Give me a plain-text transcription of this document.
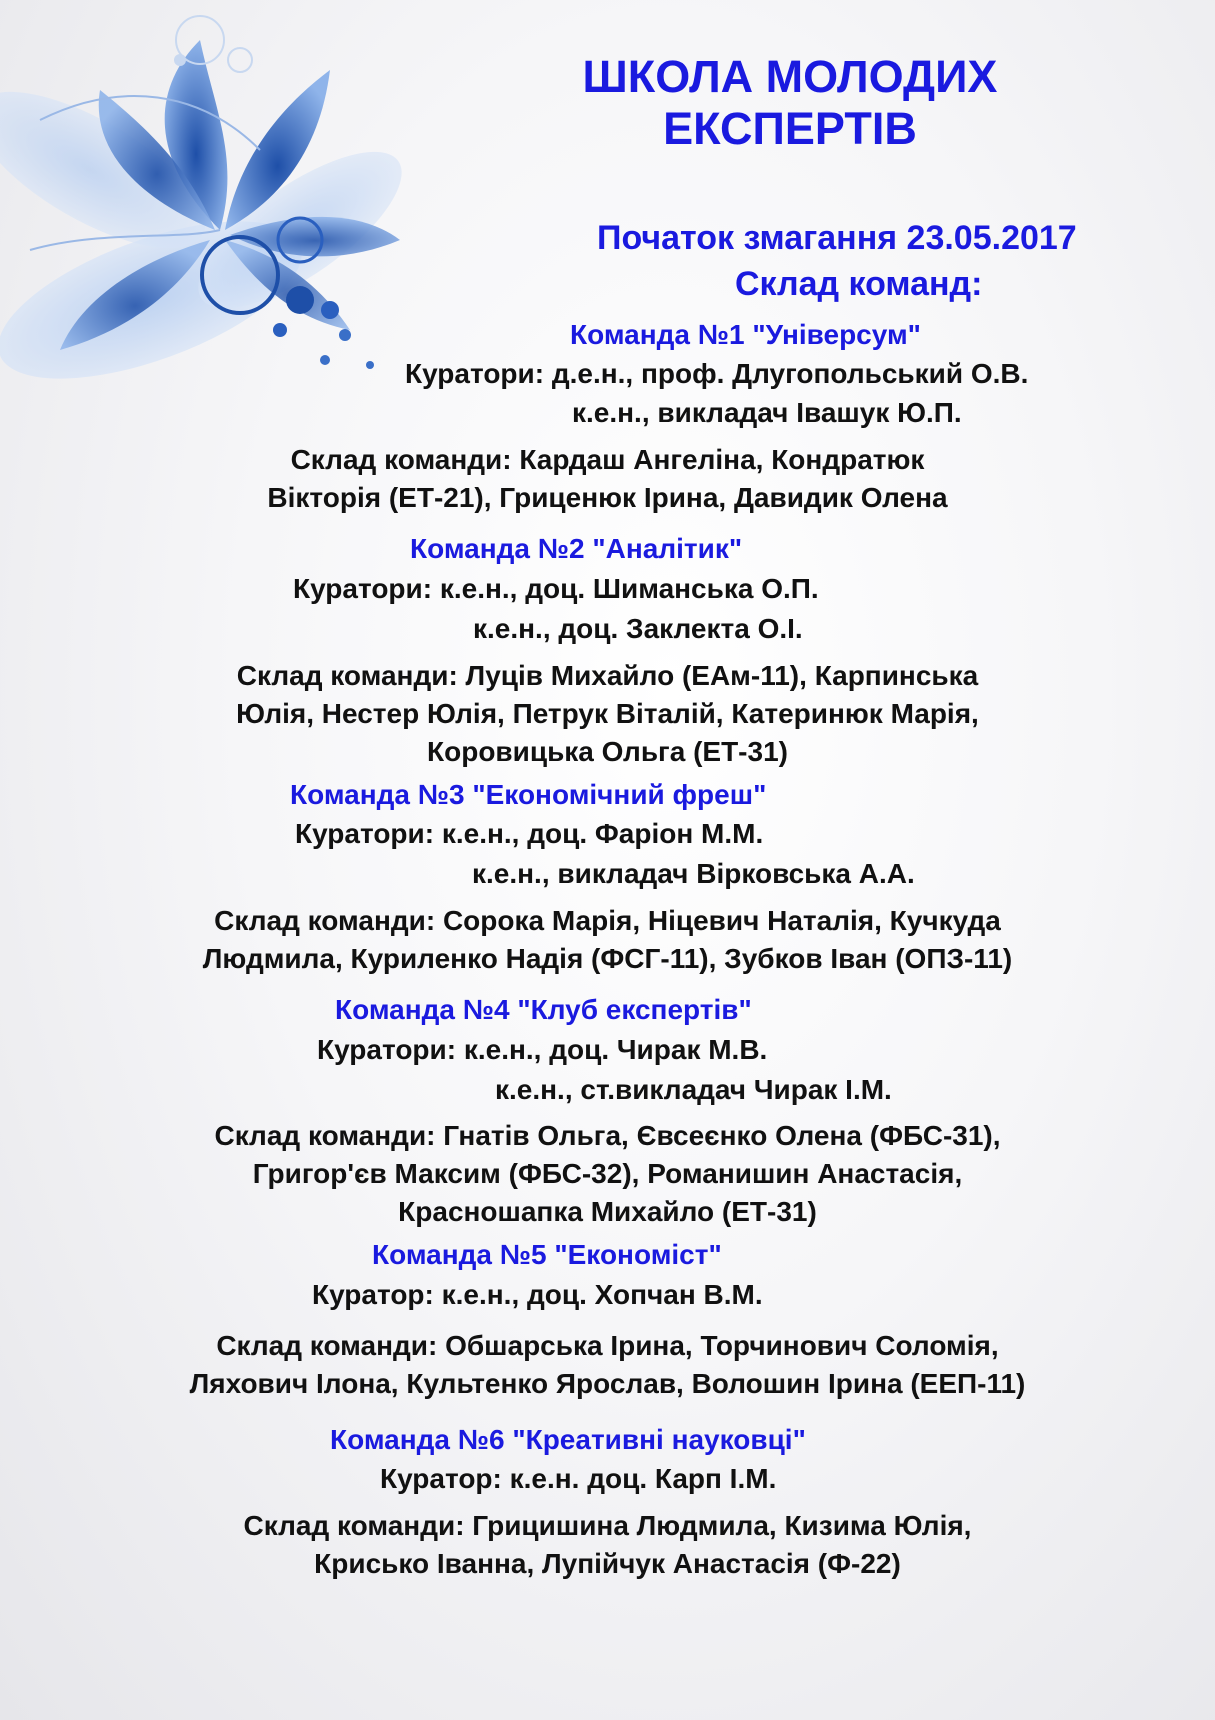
ШКОЛА МОЛОДИХ
ЕКСПЕРТІВ
Початок змагання 23.05.2017
Склад команд:
Команда №1 "Універсум"
Куратори: д.е.н., проф. Длугопольський О.В.
к.е.н., викладач Івашук Ю.П.
Склад команди: Кардаш Ангеліна, Кондратюк
Вікторія (ЕТ-21), Гриценюк Ірина, Давидик Олена
Команда №2 "Аналітик"
Куратори: к.е.н., доц. Шиманська О.П.
к.е.н., доц. Заклекта О.І.
Склад команди: Луців Михайло (ЕАм-11), Карпинська
Юлія, Нестер Юлія, Петрук Віталій, Катеринюк Марія,
Коровицька Ольга (ЕТ-31)
Команда №3 "Економічний фреш"
Куратори: к.е.н., доц. Фаріон М.М.
к.е.н., викладач Вірковська А.А.
Склад команди: Сорока Марія, Ніцевич Наталія, Кучкуда
Людмила, Куриленко Надія (ФСГ-11), Зубков Іван (ОПЗ-11)
Команда №4 "Клуб експертів"
Куратори: к.е.н., доц. Чирак М.В.
к.е.н., ст.викладач Чирак І.М.
Склад команди: Гнатів Ольга, Євсеєнко Олена (ФБС-31),
Григор'єв Максим (ФБС-32), Романишин Анастасія,
Красношапка Михайло (ЕТ-31)
Команда №5 "Економіст"
Куратор: к.е.н., доц. Хопчан В.М.
Склад команди: Обшарська Ірина, Торчинович Соломія,
Ляхович Ілона, Культенко Ярослав, Волошин Ірина (ЕЕП-11)
Команда №6 "Креативні науковці"
Куратор: к.е.н. доц. Карп І.М.
Склад команди: Грицишина Людмила, Кизима Юлія,
Крисько Іванна, Лупійчук Анастасія (Ф-22)
